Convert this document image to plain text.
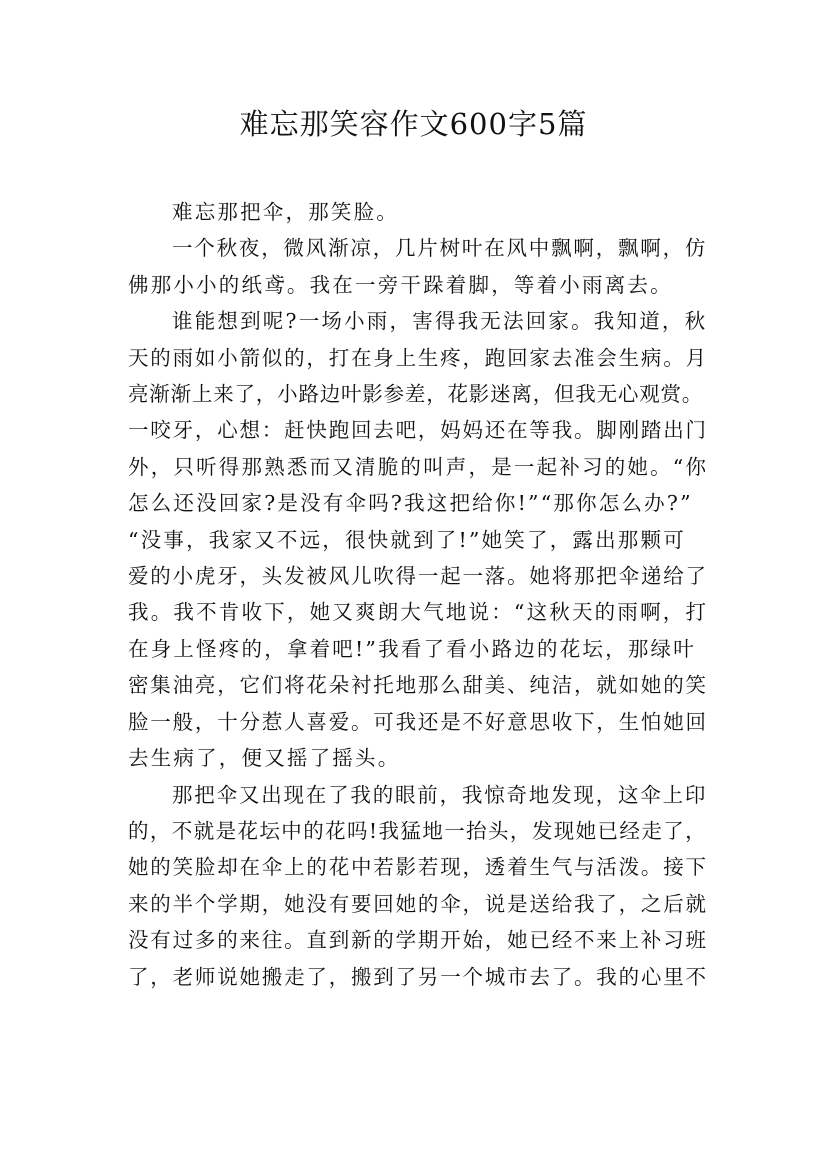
难忘那笑容作文600字5篇

难忘那把伞，那笑脸。

一个秋夜，微风渐凉，几片树叶在风中飘啊，飘啊，仿

佛那小小的纸鸢。我在一旁干跺着脚，等着小雨离去。

谁能想到呢?一场小雨，害得我无法回家。我知道，秋

天的雨如小箭似的，打在身上生疼，跑回家去准会生病。月

亮渐渐上来了，小路边叶影参差，花影迷离，但我无心观赏。

一咬牙，心想：赶快跑回去吧，妈妈还在等我。脚刚踏出门

外，只听得那熟悉而又清脆的叫声，是一起补习的她。“你

怎么还没回家?是没有伞吗?我这把给你!”“那你怎么办?”

“没事，我家又不远，很快就到了!”她笑了，露出那颗可

爱的小虎牙，头发被风儿吹得一起一落。她将那把伞递给了

我。我不肯收下，她又爽朗大气地说：“这秋天的雨啊，打

在身上怪疼的，拿着吧!”我看了看小路边的花坛，那绿叶

密集油亮，它们将花朵衬托地那么甜美、纯洁，就如她的笑

脸一般，十分惹人喜爱。可我还是不好意思收下，生怕她回

去生病了，便又摇了摇头。

那把伞又出现在了我的眼前，我惊奇地发现，这伞上印

的，不就是花坛中的花吗!我猛地一抬头，发现她已经走了，

她的笑脸却在伞上的花中若影若现，透着生气与活泼。接下

来的半个学期，她没有要回她的伞，说是送给我了，之后就

没有过多的来往。直到新的学期开始，她已经不来上补习班

了，老师说她搬走了，搬到了另一个城市去了。我的心里不
